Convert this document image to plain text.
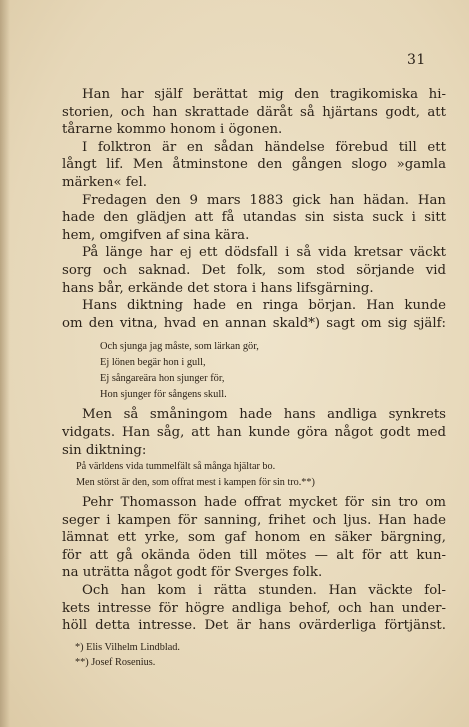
31
Han har själf berättat mig den tragikomiska hi-
storien, och han skrattade däråt så hjärtans godt, att
tårarne kommo honom i ögonen.
I folktron är en sådan händelse förebud till ett
långt lif. Men åtminstone den gången slogo »gamla
märken« fel.
Fredagen den 9 mars 1883 gick han hädan. Han
hade den glädjen att få utandas sin sista suck i sitt
hem, omgifven af sina kära.
På länge har ej ett dödsfall i så vida kretsar väckt
sorg och saknad. Det folk, som stod sörjande vid
hans bår, erkände det stora i hans lifsgärning.
Hans diktning hade en ringa början. Han kunde
om den vitna, hvad en annan skald*) sagt om sig själf:
Och sjunga jag måste, som lärkan gör,
Ej lönen begär hon i gull,
Ej sångareära hon sjunger för,
Hon sjunger för sångens skull.
Men så småningom hade hans andliga synkrets
vidgats. Han såg, att han kunde göra något godt med
sin diktning:
På världens vida tummelfält så många hjältar bo.
Men störst är den, som offrat mest i kampen för sin tro.**)
Pehr Thomasson hade offrat mycket för sin tro om
seger i kampen för sanning, frihet och ljus. Han hade
lämnat ett yrke, som gaf honom en säker bärgning,
för att gå okända öden till mötes — alt för att kun-
na uträtta något godt för Sverges folk.
Och han kom i rätta stunden. Han väckte fol-
kets intresse för högre andliga behof, och han under-
höll detta intresse. Det är hans ovärderliga förtjänst.
*) Elis Vilhelm Lindblad.
**) Josef Rosenius.
